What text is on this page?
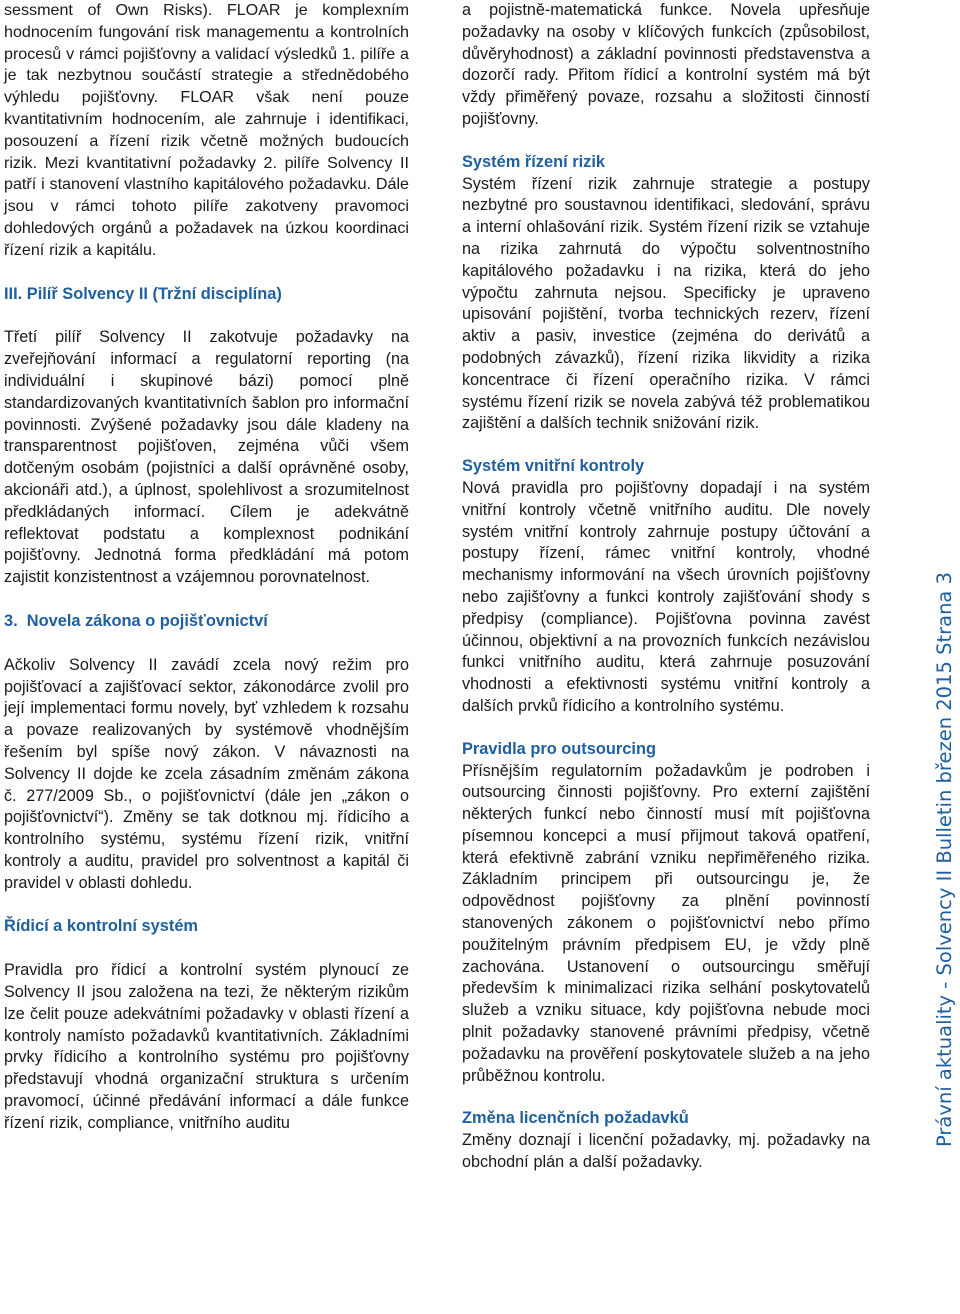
sessment of Own Risks). FLOAR je komplexním hodnocením fungování risk managementu a kontrolních procesů v rámci pojišťovny a validací výsledků 1. pilíře a je tak nezbytnou součástí strategie a střednědobého výhledu pojišťovny. FLOAR však není pouze kvantitativním hodnocením, ale zahrnuje i identifikaci, posouzení a řízení rizik včetně možných budoucích rizik. Mezi kvantitativní požadavky 2. pilíře Solvency II patří i stanovení vlastního kapitálového požadavku. Dále jsou v rámci tohoto pilíře zakotveny pravomoci dohledových orgánů a požadavek na úzkou koordinaci řízení rizik a kapitálu.

III. Pilíř Solvency II (Tržní disciplína)

Třetí pilíř Solvency II zakotvuje požadavky na zveřejňování informací a regulatorní reporting (na individuální i skupinové bázi) pomocí plně standardizovaných kvantitativních šablon pro informační povinnosti. Zvýšené požadavky jsou dále kladeny na transparentnost pojišťoven, zejména vůči všem dotčeným osobám (pojistníci a další oprávněné osoby, akcionáři atd.), a úplnost, spolehlivost a srozumitelnost předkládaných informací. Cílem je adekvátně reflektovat podstatu a komplexnost podnikání pojišťovny. Jednotná forma předkládání má potom zajistit konzistentnost a vzájemnou porovnatelnost.

3.  Novela zákona o pojišťovnictví

Ačkoliv Solvency II zavádí zcela nový režim pro pojišťovací a zajišťovací sektor, zákonodárce zvolil pro její implementaci formu novely, byť vzhledem k rozsahu a povaze realizovaných by systémově vhodnějším řešením byl spíše nový zákon. V návaznosti na Solvency II dojde ke zcela zásadním změnám zákona č. 277/2009 Sb., o pojišťovnictví (dále jen „zákon o pojišťovnictví“). Změny se tak dotknou mj. řídicího a kontrolního systému, systému řízení rizik, vnitřní kontroly a auditu, pravidel pro solventnost a kapitál či pravidel v oblasti dohledu.

Řídicí a kontrolní systém

Pravidla pro řídicí a kontrolní systém plynoucí ze Solvency II jsou založena na tezi, že některým rizikům lze čelit pouze adekvátními požadavky v oblasti řízení a kontroly namísto požadavků kvantitativních. Základními prvky řídicího a kontrolního systému pro pojišťovny představují vhodná organizační struktura s určením pravomocí, účinné předávání informací a dále funkce řízení rizik, compliance, vnitřního auditu

a pojistně-matematická funkce. Novela upřesňuje požadavky na osoby v klíčových funkcích (způsobilost, důvěryhodnost) a základní povinnosti představenstva a dozorčí rady. Přitom řídicí a kontrolní systém má být vždy přiměřený povaze, rozsahu a složitosti činností pojišťovny.

Systém řízení rizik

Systém řízení rizik zahrnuje strategie a postupy nezbytné pro soustavnou identifikaci, sledování, správu a interní ohlašování rizik. Systém řízení rizik se vztahuje na rizika zahrnutá do výpočtu solventnostního kapitálového požadavku i na rizika, která do jeho výpočtu zahrnuta nejsou. Specificky je upraveno upisování pojištění, tvorba technických rezerv, řízení aktiv a pasiv, investice (zejména do derivátů a podobných závazků), řízení rizika likvidity a rizika koncentrace či řízení operačního rizika. V rámci systému řízení rizik se novela zabývá též problematikou zajištění a dalších technik snižování rizik.

Systém vnitřní kontroly

Nová pravidla pro pojišťovny dopadají i na systém vnitřní kontroly včetně vnitřního auditu. Dle novely systém vnitřní kontroly zahrnuje postupy účtování a postupy řízení, rámec vnitřní kontroly, vhodné mechanismy informování na všech úrovních pojišťovny nebo zajišťovny a funkci kontroly zajišťování shody s předpisy (compliance). Pojišťovna povinna zavést účinnou, objektivní a na provozních funkcích nezávislou funkci vnitřního auditu, která zahrnuje posuzování vhodnosti a efektivnosti systému vnitřní kontroly a dalších prvků řídicího a kontrolního systému.

Pravidla pro outsourcing

Přísnějším regulatorním požadavkům je podroben i outsourcing činnosti pojišťovny. Pro externí zajištění některých funkcí nebo činností musí mít pojišťovna písemnou koncepci a musí přijmout taková opatření, která efektivně zabrání vzniku nepřiměřeného rizika. Základním principem při outsourcingu je, že odpovědnost pojišťovny za plnění povinností stanovených zákonem o pojišťovnictví nebo přímo použitelným právním předpisem EU, je vždy plně zachována. Ustanovení o outsourcingu směřují především k minimalizaci rizika selhání poskytovatelů služeb a vzniku situace, kdy pojišťovna nebude moci plnit požadavky stanovené právními předpisy, včetně požadavku na prověření poskytovatele služeb a na jeho průběžnou kontrolu.

Změna licenčních požadavků

Změny doznají i licenční požadavky, mj. požadavky na obchodní plán a další požadavky.

Právní aktuality - Solvency II Bulletin březen 2015 Strana 3
